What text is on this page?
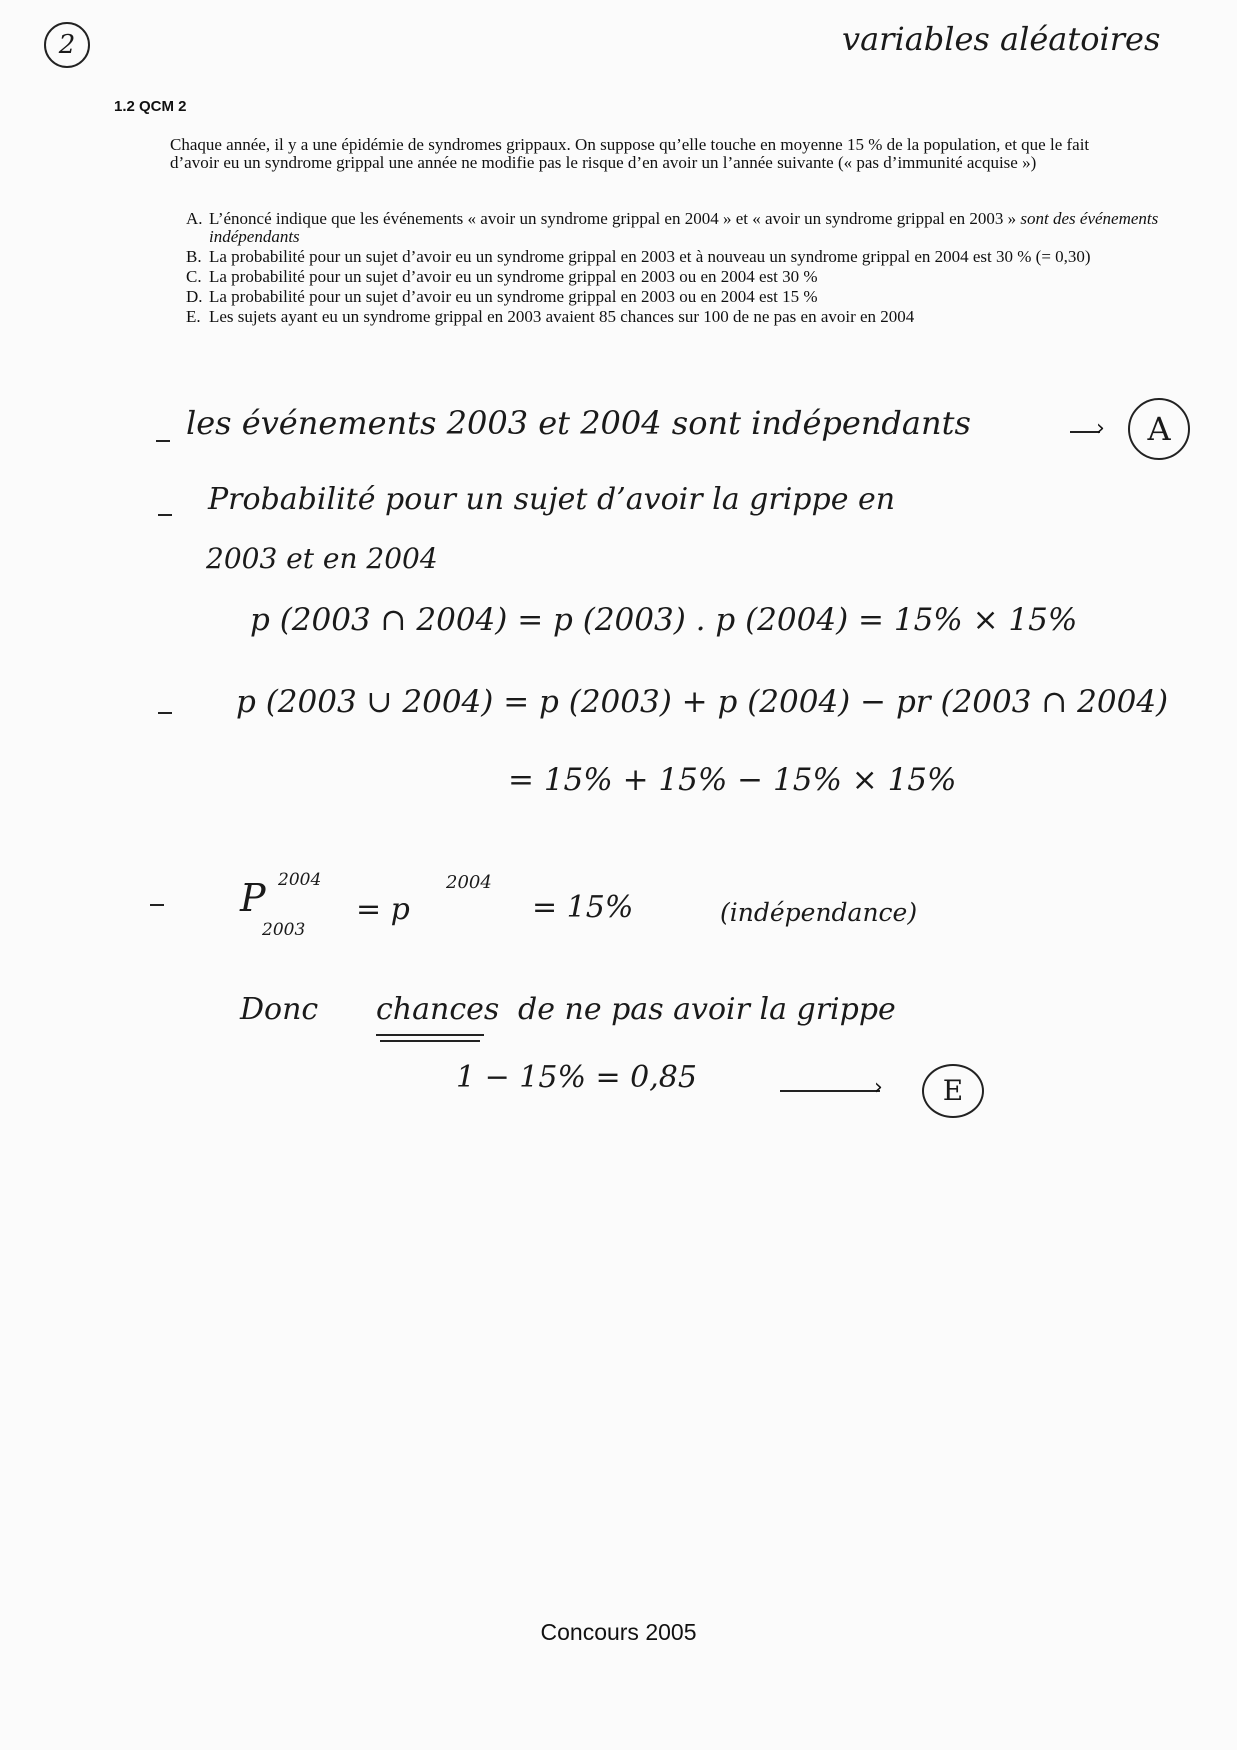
2	variables aléatoires
1.2 QCM 2
Chaque année, il y a une épidémie de syndromes grippaux. On suppose qu’elle touche en moyenne 15 % de la population, et que le fait d’avoir eu un syndrome grippal une année ne modifie pas le risque d’en avoir un l’année suivante (« pas d’immunité acquise »)
A. L’énoncé indique que les événements « avoir un syndrome grippal en 2004 » et « avoir un syndrome grippal en 2003 » sont des événements indépendants
B. La probabilité pour un sujet d’avoir eu un syndrome grippal en 2003 et à nouveau un syndrome grippal en 2004 est 30 % (= 0,30)
C. La probabilité pour un sujet d’avoir eu un syndrome grippal en 2003 ou en 2004 est 30 %
D. La probabilité pour un sujet d’avoir eu un syndrome grippal en 2003 ou en 2004 est 15 %
E. Les sujets ayant eu un syndrome grippal en 2003 avaient 85 chances sur 100 de ne pas en avoir en 2004
les événements 2003 et 2004 sont indépendants	›	A
Probabilité pour un sujet d’avoir la grippe en
2003 et en 2004
p (2003 ∩ 2004) = p (2003) . p (2004) = 15% × 15%
p (2003 ∪ 2004) = p (2003) + p (2004) − pr (2003 ∩ 2004)
= 15% + 15% − 15% × 15%
P 2004
2003
= p
2004
= 15%	(indépendance)
Donc chances de ne pas avoir la grippe
1 − 15% = 0,85	›	E
Concours 2005
